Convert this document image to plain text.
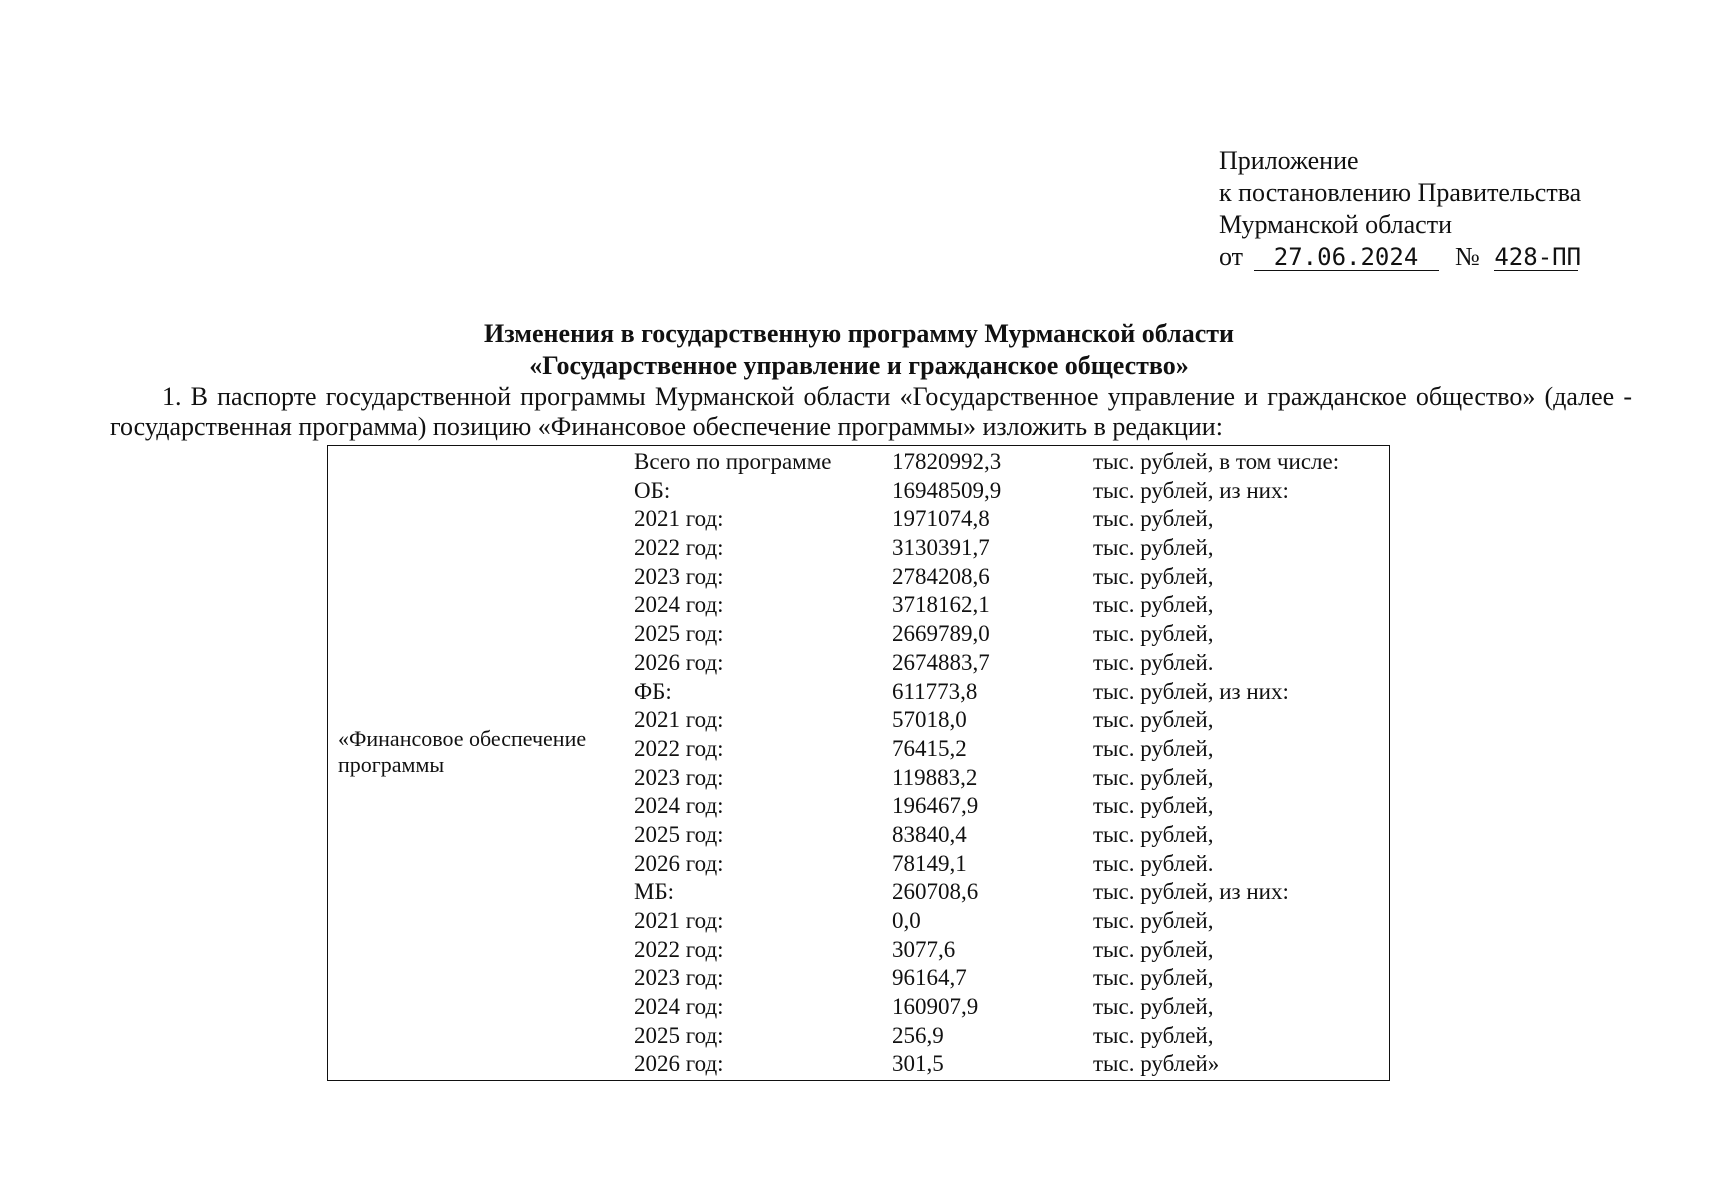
Приложение
к постановлению Правительства
Мурманской области
от 27.06.2024 № 428-ПП
Изменения в государственную программу Мурманской области
«Государственное управление и гражданское общество»
1. В паспорте государственной программы Мурманской области «Государственное управление и гражданское общество» (далее - государственная программа) позицию «Финансовое обеспечение программы» изложить в редакции:
«Финансовое обеспечение программы
Всего по программе	17820992,3	тыс. рублей, в том числе:
ОБ:	16948509,9	тыс. рублей, из них:
2021 год:	1971074,8	тыс. рублей,
2022 год:	3130391,7	тыс. рублей,
2023 год:	2784208,6	тыс. рублей,
2024 год:	3718162,1	тыс. рублей,
2025 год:	2669789,0	тыс. рублей,
2026 год:	2674883,7	тыс. рублей.
ФБ:	611773,8	тыс. рублей, из них:
2021 год:	57018,0	тыс. рублей,
2022 год:	76415,2	тыс. рублей,
2023 год:	119883,2	тыс. рублей,
2024 год:	196467,9	тыс. рублей,
2025 год:	83840,4	тыс. рублей,
2026 год:	78149,1	тыс. рублей.
МБ:	260708,6	тыс. рублей, из них:
2021 год:	0,0	тыс. рублей,
2022 год:	3077,6	тыс. рублей,
2023 год:	96164,7	тыс. рублей,
2024 год:	160907,9	тыс. рублей,
2025 год:	256,9	тыс. рублей,
2026 год:	301,5	тыс. рублей»
